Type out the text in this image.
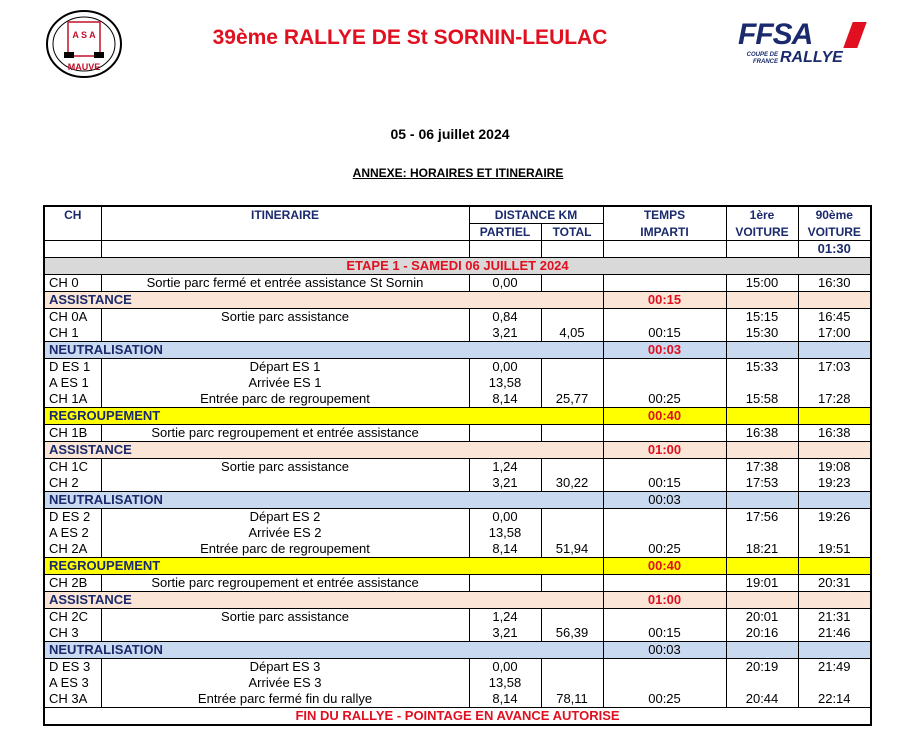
A S A
MAUVE
39ème RALLYE DE St SORNIN-LEULAC	FFSA
COUPE DE FRANCE RALLYE
05 - 06 juillet 2024
ANNEXE: HORAIRES ET ITINERAIRE
CH	ITINERAIRE	DISTANCE KM		TEMPS	1ère	90ème
		PARTIEL	TOTAL	IMPARTI	VOITURE	VOITURE
						01:30
ETAPE 1 - SAMEDI 06 JUILLET 2024						
CH 0	Sortie parc fermé et entrée assistance St Sornin	0,00			15:00	16:30
ASSISTANCE				00:15		
CH 0A	Sortie parc assistance	0,84			15:15	16:45
CH 1		3,21	4,05	00:15	15:30	17:00
NEUTRALISATION				00:03		
D ES 1	Départ ES 1	0,00			15:33	17:03
A ES 1	Arrivée ES 1	13,58				
CH 1A	Entrée parc de regroupement	8,14	25,77	00:25	15:58	17:28
REGROUPEMENT				00:40		
CH 1B	Sortie parc regroupement et entrée assistance				16:38	16:38
ASSISTANCE				01:00		
CH 1C	Sortie parc assistance	1,24			17:38	19:08
CH 2		3,21	30,22	00:15	17:53	19:23
NEUTRALISATION				00:03		
D ES 2	Départ ES 2	0,00			17:56	19:26
A ES 2	Arrivée ES 2	13,58				
CH 2A	Entrée parc de regroupement	8,14	51,94	00:25	18:21	19:51
REGROUPEMENT				00:40		
CH 2B	Sortie parc regroupement et entrée assistance				19:01	20:31
ASSISTANCE				01:00		
CH 2C	Sortie parc assistance	1,24			20:01	21:31
CH 3		3,21	56,39	00:15	20:16	21:46
NEUTRALISATION				00:03		
D ES 3	Départ ES 3	0,00			20:19	21:49
A ES 3	Arrivée ES 3	13,58				
CH 3A	Entrée parc fermé fin du rallye	8,14	78,11	00:25	20:44	22:14
FIN DU RALLYE - POINTAGE EN AVANCE AUTORISE						
